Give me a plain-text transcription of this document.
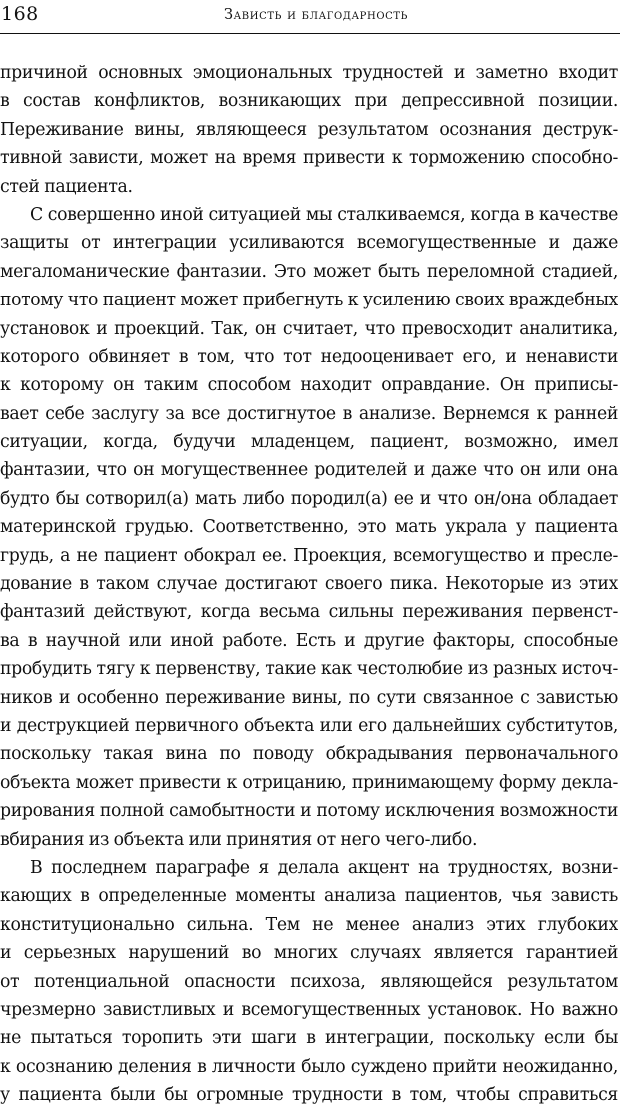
168	Зависть и благодарность
причиной основных эмоциональных трудностей и заметно входит
в состав конфликтов, возникающих при депрессивной позиции.
Переживание вины, являющееся результатом осознания деструк-
тивной зависти, может на время привести к торможению способно-
стей пациента.
С совершенно иной ситуацией мы сталкиваемся, когда в качестве
защиты от интеграции усиливаются всемогущественные и даже
мегаломанические фантазии. Это может быть переломной стадией,
потому что пациент может прибегнуть к усилению своих враждебных
установок и проекций. Так, он считает, что превосходит аналитика,
которого обвиняет в том, что тот недооценивает его, и ненависти
к которому он таким способом находит оправдание. Он приписы-
вает себе заслугу за все достигнутое в анализе. Вернемся к ранней
ситуации, когда, будучи младенцем, пациент, возможно, имел
фантазии, что он могущественнее родителей и даже что он или она
будто бы сотворил(а) мать либо породил(а) ее и что он/она обладает
материнской грудью. Соответственно, это мать украла у пациента
грудь, а не пациент обокрал ее. Проекция, всемогущество и пресле-
дование в таком случае достигают своего пика. Некоторые из этих
фантазий действуют, когда весьма сильны переживания первенст-
ва в научной или иной работе. Есть и другие факторы, способные
пробудить тягу к первенству, такие как честолюбие из разных источ-
ников и особенно переживание вины, по сути связанное с завистью
и деструкцией первичного объекта или его дальнейших субститутов,
поскольку такая вина по поводу обкрадывания первоначального
объекта может привести к отрицанию, принимающему форму декла-
рирования полной самобытности и потому исключения возможности
вбирания из объекта или принятия от него чего-либо.
В последнем параграфе я делала акцент на трудностях, возни-
кающих в определенные моменты анализа пациентов, чья зависть
конституционально сильна. Тем не менее анализ этих глубоких
и серьезных нарушений во многих случаях является гарантией
от потенциальной опасности психоза, являющейся результатом
чрезмерно завистливых и всемогущественных установок. Но важно
не пытаться торопить эти шаги в интеграции, поскольку если бы
к осознанию деления в личности было суждено прийти неожиданно,
у пациента были бы огромные трудности в том, чтобы справиться
